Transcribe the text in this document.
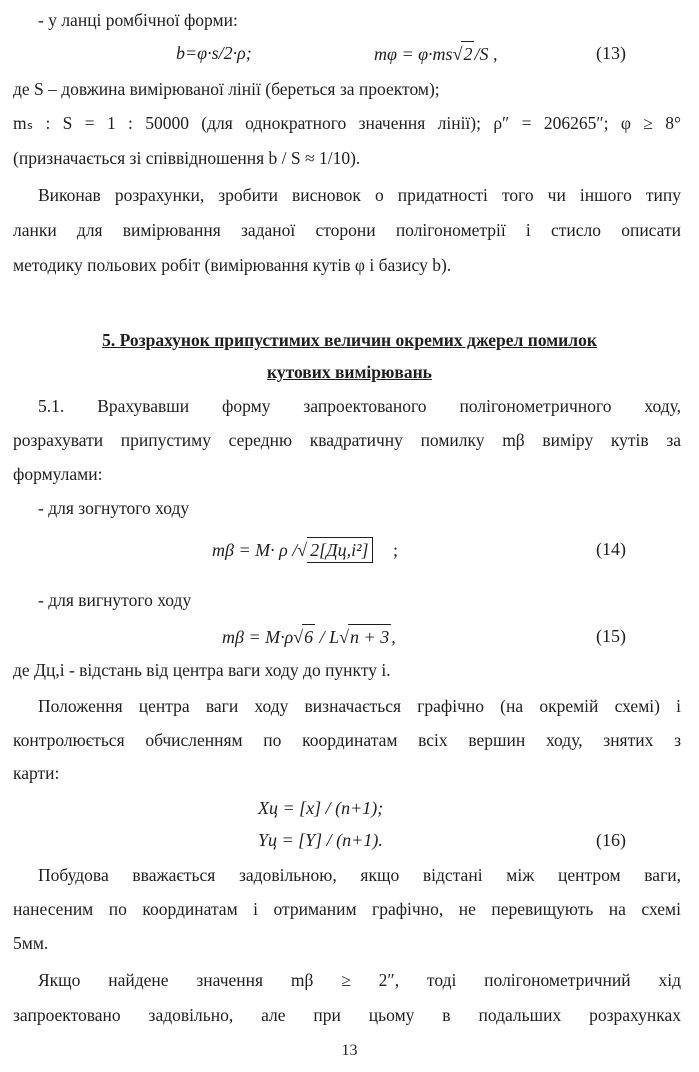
- у ланці ромбічної форми:
b=φ·s/2·ρ;	mφ = φ·ms√2 /S ,	(13)
де S – довжина вимірюваної лінії (береться за проектом);
mₛ : S = 1 : 50000 (для однократного значення лінії); ρ″ = 206265″; φ ≥ 8°
(призначається зі співвідношення b / S ≈ 1/10).
Виконав розрахунки, зробити висновок о придатності того чи іншого типу
ланки для вимірювання заданої сторони полігонометрії і стисло описати
методику польових робіт (вимірювання кутів φ і базису b).
5. Розрахунок припустимих величин окремих джерел помилок
кутових вимірювань
5.1. Врахувавши форму запроектованого полігонометричного ходу,
розрахувати припустиму середню квадратичну помилку mβ виміру кутів за
формулами:
- для зогнутого ходу
mβ = M· ρ /√ 2[Дц,і²] ;	(14)
- для вигнутого ходу
mβ = M·ρ√6 / L√n + 3 ,	(15)
де Дц,і - відстань від центра ваги ходу до пункту і.
Положення центра ваги ходу визначається графічно (на окремій схемі) і
контролюється обчисленням по координатам всіх вершин ходу, знятих з
карти:
Xц = [x] / (n+1);
Yц = [Y] / (n+1).	(16)
Побудова вважається задовільною, якщо відстані між центром ваги,
нанесеним по координатам і отриманим графічно, не перевищують на схемі
5мм.
Якщо найдене значення mβ ≥ 2″, тоді полігонометричний хід
запроектовано задовільно, але при цьому в подальших розрахунках
13
